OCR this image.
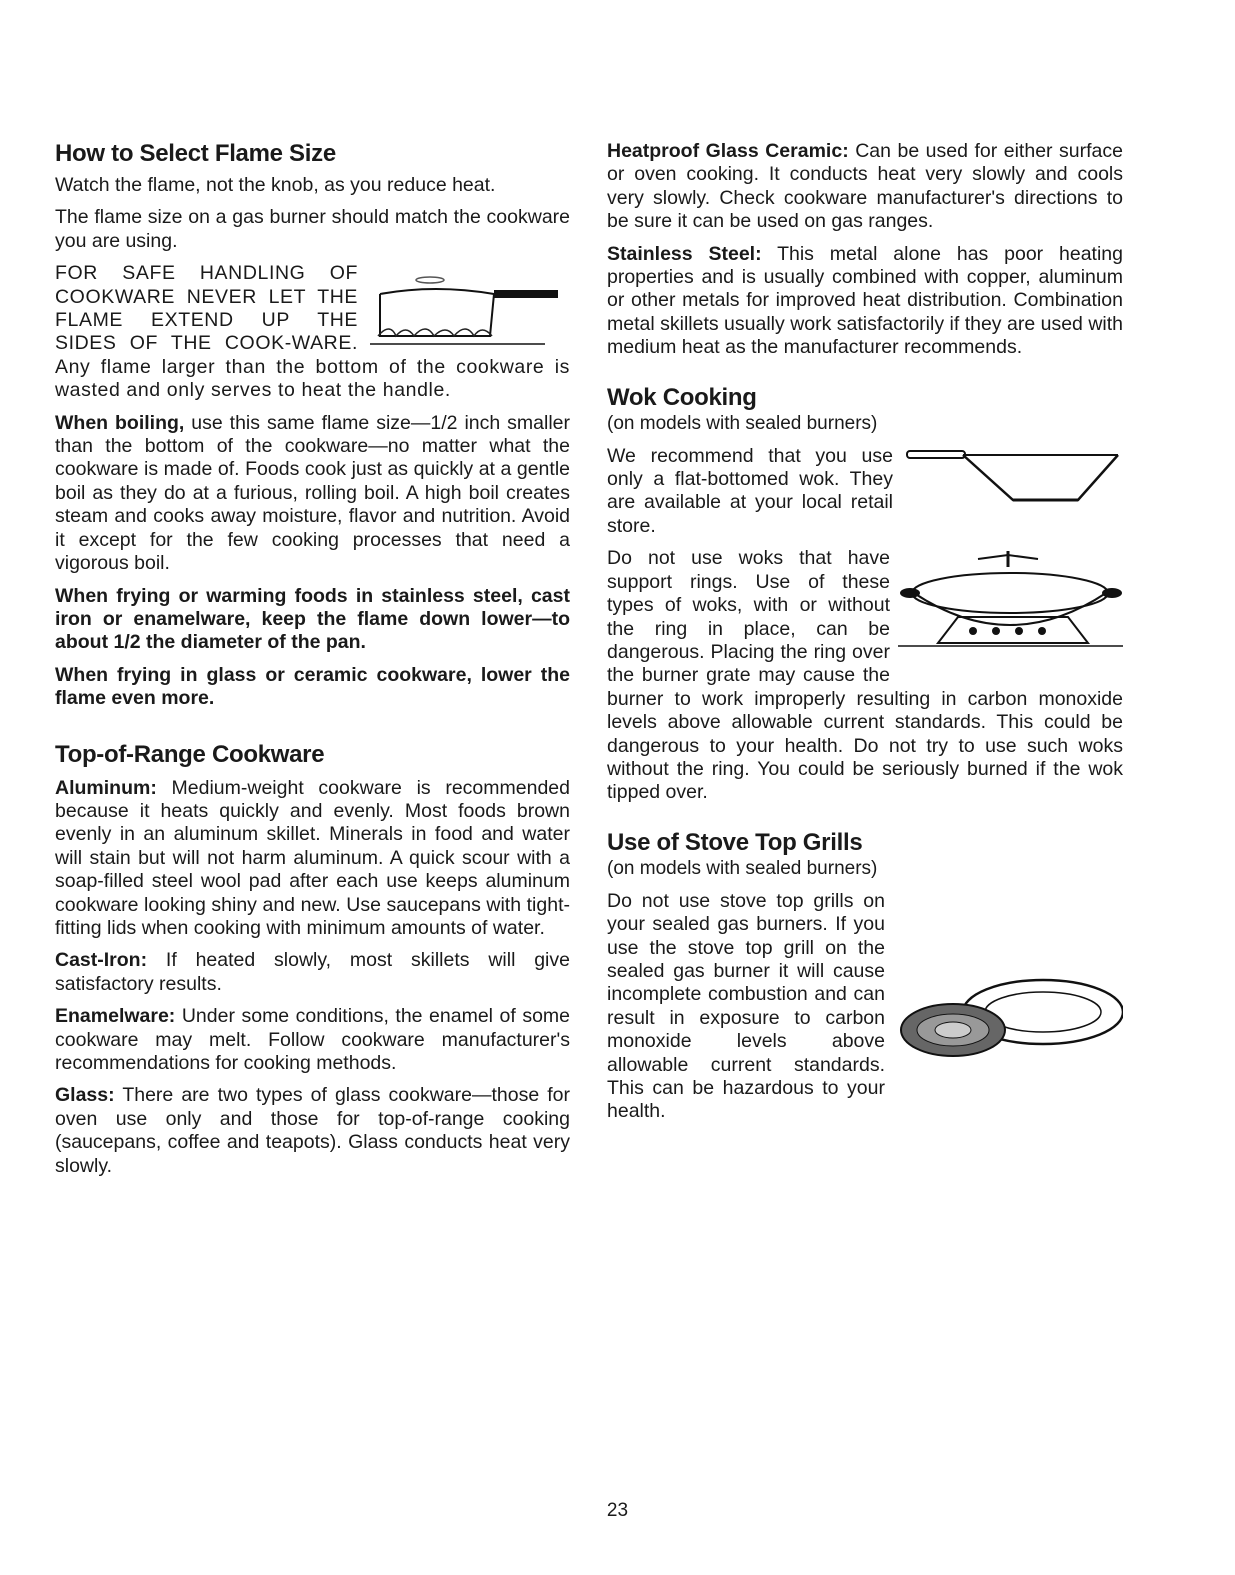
How to Select Flame Size

Watch the flame, not the knob, as you reduce heat.

The flame size on a gas burner should match the cookware you are using.

FOR SAFE HANDLING OF COOKWARE NEVER LET THE FLAME EXTEND UP THE SIDES OF THE COOK-WARE. Any flame larger than the bottom of the cookware is wasted and only serves to heat the handle.

When boiling, use this same flame size—1/2 inch smaller than the bottom of the cookware—no matter what the cookware is made of. Foods cook just as quickly at a gentle boil as they do at a furious, rolling boil. A high boil creates steam and cooks away moisture, flavor and nutrition. Avoid it except for the few cooking processes that need a vigorous boil.

When frying or warming foods in stainless steel, cast iron or enamelware, keep the flame down lower—to about 1/2 the diameter of the pan.

When frying in glass or ceramic cookware, lower the flame even more.

Top-of-Range Cookware

Aluminum: Medium-weight cookware is recommended because it heats quickly and evenly. Most foods brown evenly in an aluminum skillet. Minerals in food and water will stain but will not harm aluminum. A quick scour with a soap-filled steel wool pad after each use keeps aluminum cookware looking shiny and new. Use saucepans with tight-fitting lids when cooking with minimum amounts of water.

Cast-Iron: If heated slowly, most skillets will give satisfactory results.

Enamelware: Under some conditions, the enamel of some cookware may melt. Follow cookware manufacturer's recommendations for cooking methods.

Glass: There are two types of glass cookware—those for oven use only and those for top-of-range cooking (saucepans, coffee and teapots). Glass conducts heat very slowly.

Heatproof Glass Ceramic: Can be used for either surface or oven cooking. It conducts heat very slowly and cools very slowly. Check cookware manufacturer's directions to be sure it can be used on gas ranges.

Stainless Steel: This metal alone has poor heating properties and is usually combined with copper, aluminum or other metals for improved heat distribution. Combination metal skillets usually work satisfactorily if they are used with medium heat as the manufacturer recommends.

Wok Cooking
(on models with sealed burners)

We recommend that you use only a flat-bottomed wok. They are available at your local retail store.

Do not use woks that have support rings. Use of these types of woks, with or without the ring in place, can be dangerous. Placing the ring over the burner grate may cause the burner to work improperly resulting in carbon monoxide levels above allowable current standards. This could be dangerous to your health. Do not try to use such woks without the ring. You could be seriously burned if the wok tipped over.

Use of Stove Top Grills
(on models with sealed burners)

Do not use stove top grills on your sealed gas burners. If you use the stove top grill on the sealed gas burner it will cause incomplete combustion and can result in exposure to carbon monoxide levels above allowable current standards. This can be hazardous to your health.

23
